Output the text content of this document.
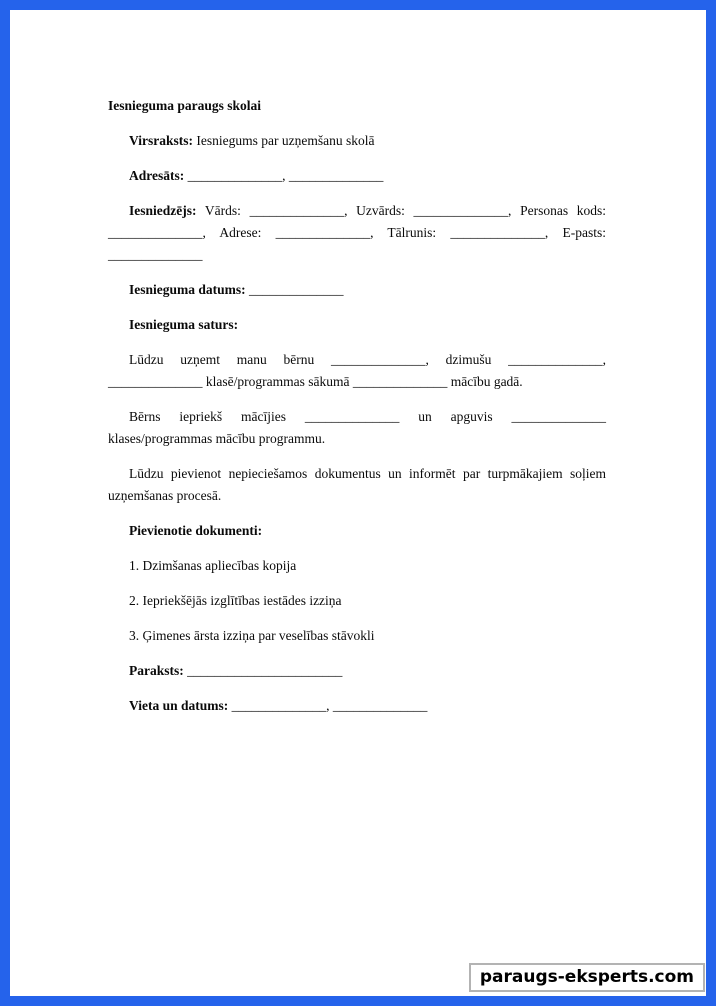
Iesnieguma paraugs skolai

Virsraksts: Iesniegums par uzņemšanu skolā

Adresāts: ______________, ______________

Iesniedzējs: Vārds: ______________, Uzvārds: ______________, Personas kods: ______________, Adrese: ______________, Tālrunis: ______________, E-pasts: ______________

Iesnieguma datums: ______________

Iesnieguma saturs:

Lūdzu uzņemt manu bērnu ______________, dzimušu ______________, ______________ klasē/programmas sākumā ______________ mācību gadā.

Bērns iepriekš mācījies ______________ un apguvis ______________ klases/programmas mācību programmu.

Lūdzu pievienot nepieciešamos dokumentus un informēt par turpmākajiem soļiem uzņemšanas procesā.

Pievienotie dokumenti:

1. Dzimšanas apliecības kopija

2. Iepriekšējās izglītības iestādes izziņa

3. Ģimenes ārsta izziņa par veselības stāvokli

Paraksts: _______________________

Vieta un datums: ______________, ______________

paraugs-eksperts.com
